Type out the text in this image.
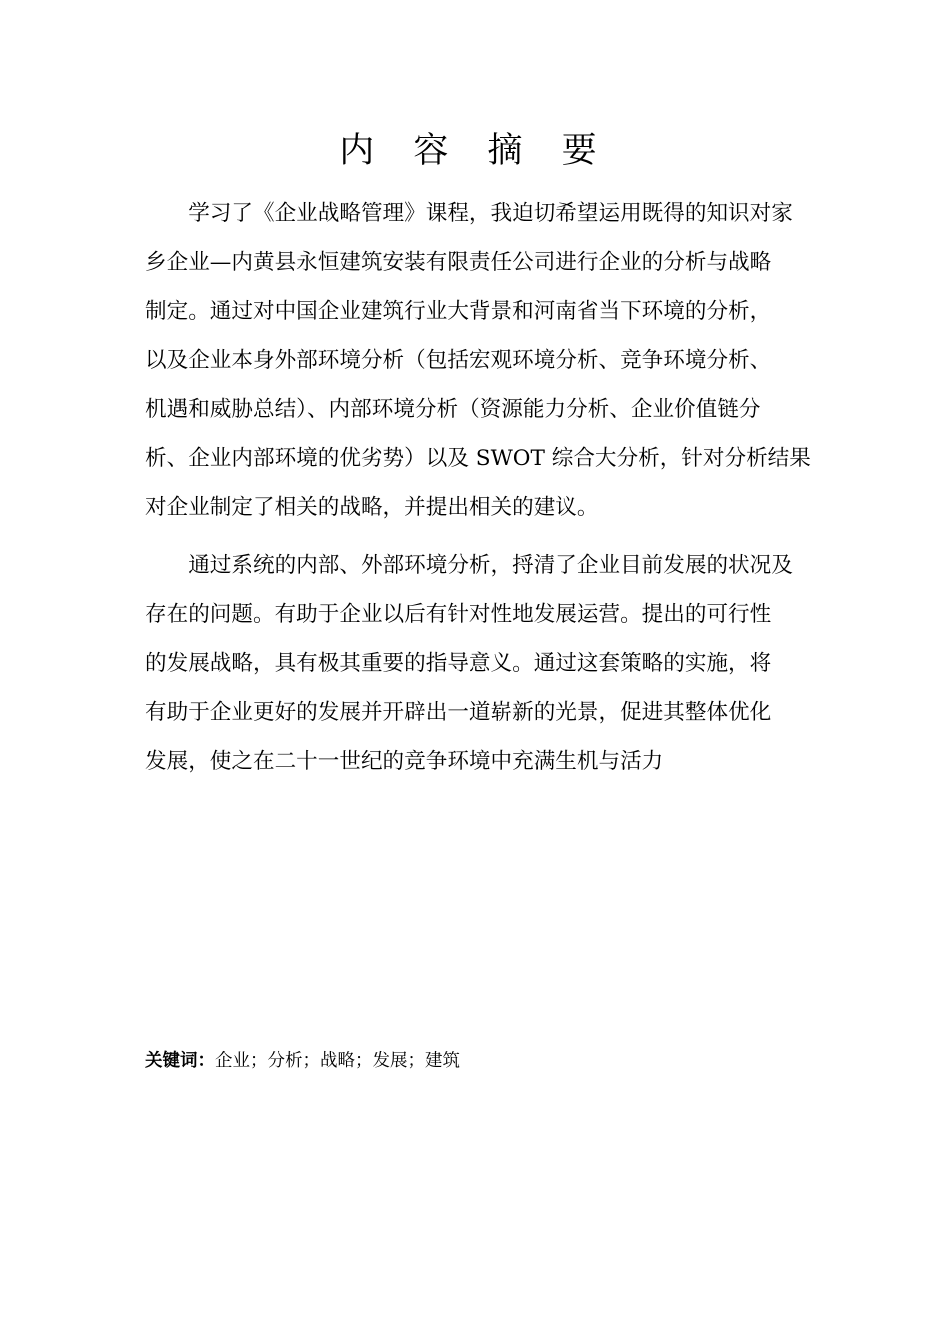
内 容 摘 要

　　学习了《企业战略管理》课程，我迫切希望运用既得的知识对家
乡企业—内黄县永恒建筑安装有限责任公司进行企业的分析与战略
制定。通过对中国企业建筑行业大背景和河南省当下环境的分析，
以及企业本身外部环境分析（包括宏观环境分析、竞争环境分析、
机遇和威胁总结）、内部环境分析（资源能力分析、企业价值链分
析、企业内部环境的优劣势）以及 SWOT 综合大分析，针对分析结果
对企业制定了相关的战略，并提出相关的建议。

　　通过系统的内部、外部环境分析，捋清了企业目前发展的状况及
存在的问题。有助于企业以后有针对性地发展运营。提出的可行性
的发展战略，具有极其重要的指导意义。通过这套策略的实施，将
有助于企业更好的发展并开辟出一道崭新的光景，促进其整体优化
发展，使之在二十一世纪的竞争环境中充满生机与活力

关键词：企业；分析；战略；发展；建筑
